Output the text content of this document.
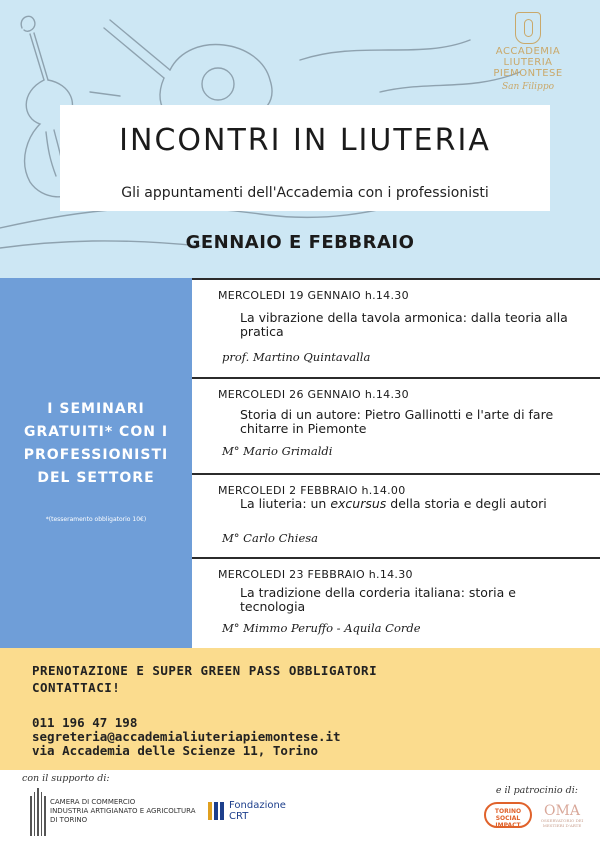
ACCADEMIA
LIUTERIA PIEMONTESE
San Filippo
INCONTRI IN LIUTERIA
Gli appuntamenti dell'Accademia con i professionisti
GENNAIO E FEBBRAIO
I SEMINARI GRATUITI* CON I PROFESSIONISTI DEL SETTORE
*(tesseramento obbligatorio 10€)
MERCOLEDI 19 GENNAIO h.14.30
La vibrazione della tavola armonica: dalla teoria alla pratica
prof. Martino Quintavalla
MERCOLEDI 26 GENNAIO h.14.30
Storia di un autore: Pietro Gallinotti e l'arte di fare chitarre in Piemonte
M° Mario Grimaldi
MERCOLEDI 2 FEBBRAIO h.14.00
La liuteria: un excursus della storia e degli autori
M° Carlo Chiesa
MERCOLEDI 23 FEBBRAIO h.14.30
La tradizione della corderia italiana: storia e tecnologia
M° Mimmo Peruffo - Aquila Corde
PRENOTAZIONE E SUPER GREEN PASS OBBLIGATORI
CONTATTACI!
011 196 47 198
segreteria@accademialiuteriapiemontese.it
via Accademia delle Scienze 11, Torino
con il supporto di:
e il patrocinio di:
CAMERA DI COMMERCIO
INDUSTRIA ARTIGIANATO E AGRICOLTURA
DI TORINO
Fondazione
CRT	TORINO
SOCIAL
IMPACT
OMA
OSSERVATORIO DEI MESTIERI D'ARTE
